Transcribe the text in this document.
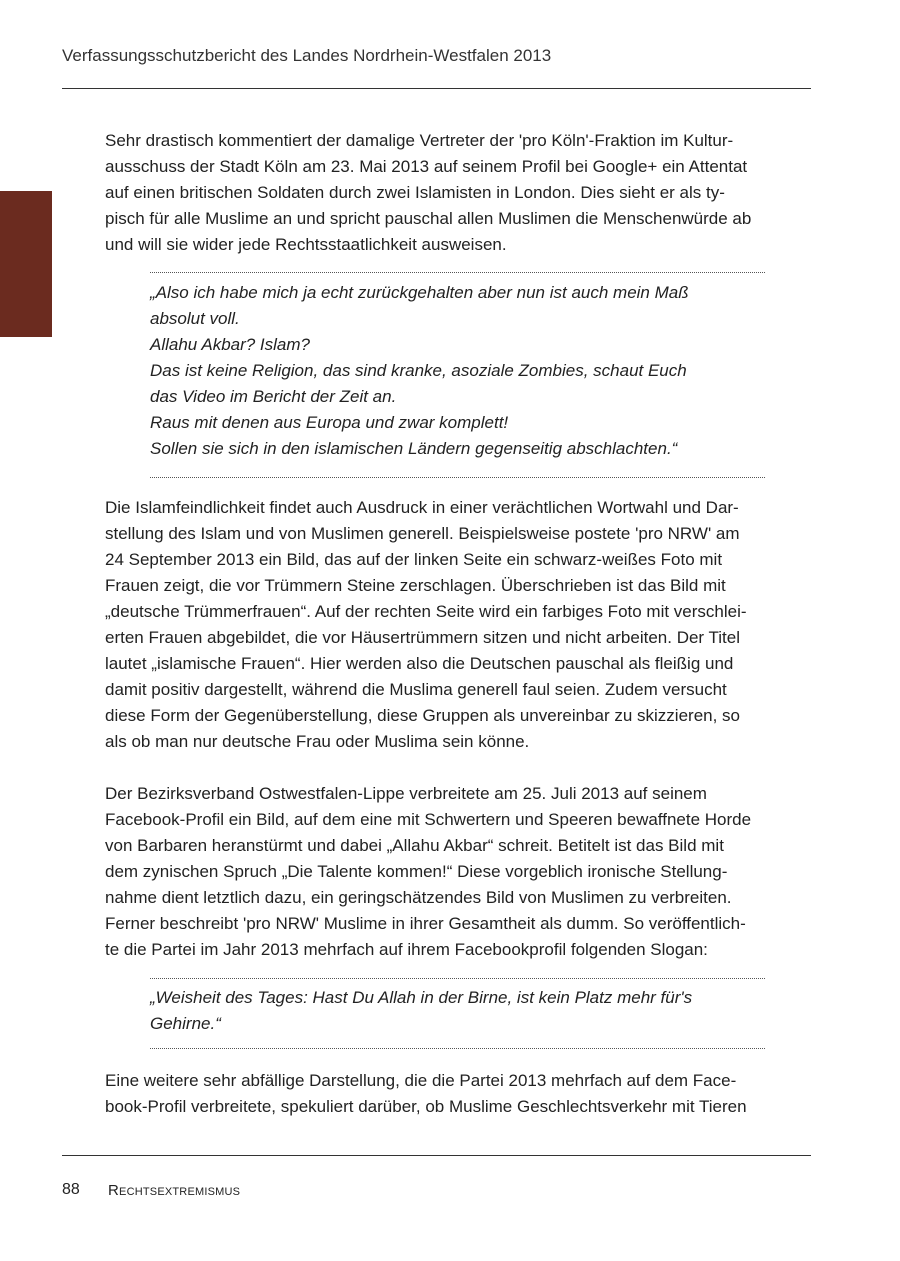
Verfassungsschutzbericht des Landes Nordrhein-Westfalen 2013
Sehr drastisch kommentiert der damalige Vertreter der 'pro Köln'-Fraktion im Kultur-
ausschuss der Stadt Köln am 23. Mai 2013 auf seinem Profil bei Google+ ein Attentat
auf einen britischen Soldaten durch zwei Islamisten in London. Dies sieht er als ty-
pisch für alle Muslime an und spricht pauschal allen Muslimen die Menschenwürde ab
und will sie wider jede Rechtsstaatlichkeit ausweisen.
„Also ich habe mich ja echt zurückgehalten aber nun ist auch mein Maß
absolut voll.
Allahu Akbar? Islam?
Das ist keine Religion, das sind kranke, asoziale Zombies, schaut Euch
das Video im Bericht der Zeit an.
Raus mit denen aus Europa und zwar komplett!
Sollen sie sich in den islamischen Ländern gegenseitig abschlachten.“
Die Islamfeindlichkeit findet auch Ausdruck in einer verächtlichen Wortwahl und Dar-
stellung des Islam und von Muslimen generell. Beispielsweise postete 'pro NRW' am
24 September 2013 ein Bild, das auf der linken Seite ein schwarz-weißes Foto mit
Frauen zeigt, die vor Trümmern Steine zerschlagen. Überschrieben ist das Bild mit
„deutsche Trümmerfrauen“. Auf der rechten Seite wird ein farbiges Foto mit verschlei-
erten Frauen abgebildet, die vor Häusertrümmern sitzen und nicht arbeiten. Der Titel
lautet „islamische Frauen“. Hier werden also die Deutschen pauschal als fleißig und
damit positiv dargestellt, während die Muslima generell faul seien. Zudem versucht
diese Form der Gegenüberstellung, diese Gruppen als unvereinbar zu skizzieren, so
als ob man nur deutsche Frau oder Muslima sein könne.
Der Bezirksverband Ostwestfalen-Lippe verbreitete am 25. Juli 2013 auf seinem
Facebook-Profil ein Bild, auf dem eine mit Schwertern und Speeren bewaffnete Horde
von Barbaren heranstürmt und dabei „Allahu Akbar“ schreit. Betitelt ist das Bild mit
dem zynischen Spruch „Die Talente kommen!“ Diese vorgeblich ironische Stellung-
nahme dient letztlich dazu, ein geringschätzendes Bild von Muslimen zu verbreiten.
Ferner beschreibt 'pro NRW' Muslime in ihrer Gesamtheit als dumm. So veröffentlich-
te die Partei im Jahr 2013 mehrfach auf ihrem Facebookprofil folgenden Slogan:
„Weisheit des Tages: Hast Du Allah in der Birne, ist kein Platz mehr für's
Gehirne.“
Eine weitere sehr abfällige Darstellung, die die Partei 2013 mehrfach auf dem Face-
book-Profil verbreitete, spekuliert darüber, ob Muslime Geschlechtsverkehr mit Tieren
88 Rechtsextremismus
